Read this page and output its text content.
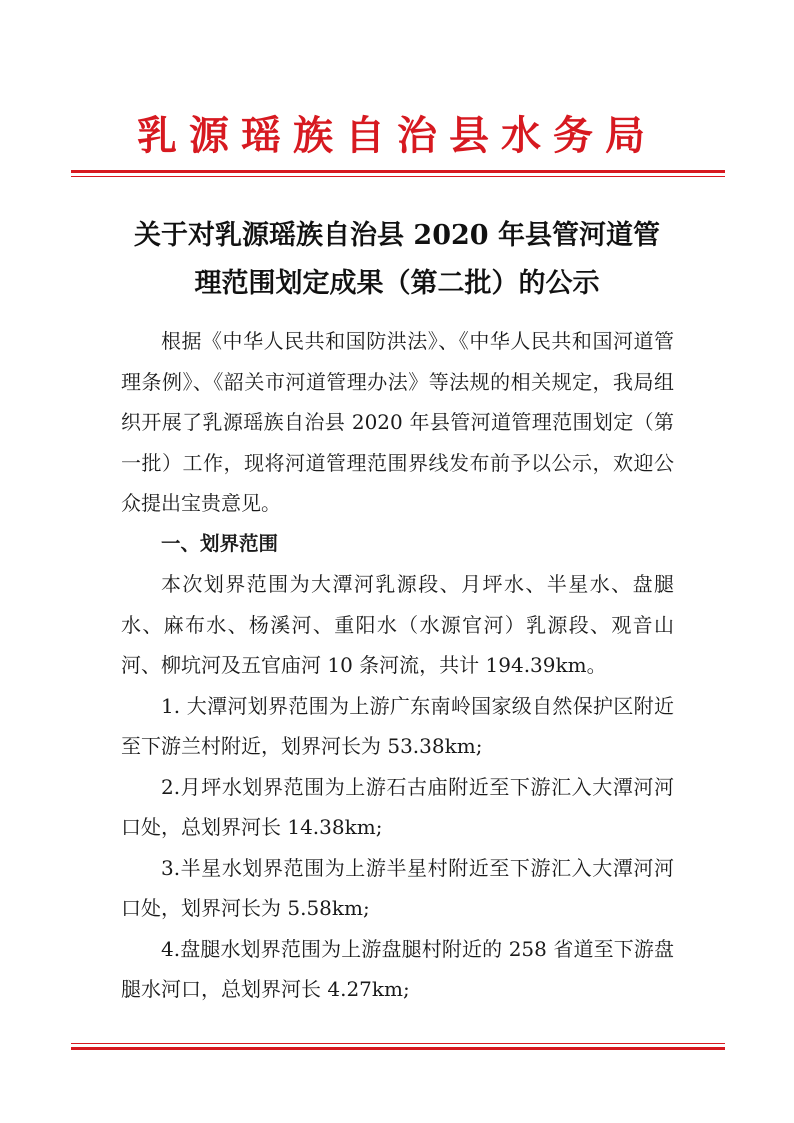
乳源瑶族自治县水务局
关于对乳源瑶族自治县 2020 年县管河道管
理范围划定成果（第二批）的公示

根据《中华人民共和国防洪法》、《中华人民共和国河道管理条例》、《韶关市河道管理办法》等法规的相关规定，我局组织开展了乳源瑶族自治县 2020 年县管河道管理范围划定（第一批）工作，现将河道管理范围界线发布前予以公示，欢迎公众提出宝贵意见。

一、划界范围

本次划界范围为大潭河乳源段、月坪水、半星水、盘腿水、麻布水、杨溪河、重阳水（水源官河）乳源段、观音山河、柳坑河及五官庙河 10 条河流，共计 194.39km。

1. 大潭河划界范围为上游广东南岭国家级自然保护区附近至下游兰村附近，划界河长为 53.38km;

2.月坪水划界范围为上游石古庙附近至下游汇入大潭河河口处，总划界河长 14.38km;

3.半星水划界范围为上游半星村附近至下游汇入大潭河河口处，划界河长为 5.58km;

4.盘腿水划界范围为上游盘腿村附近的 258 省道至下游盘腿水河口，总划界河长 4.27km;
